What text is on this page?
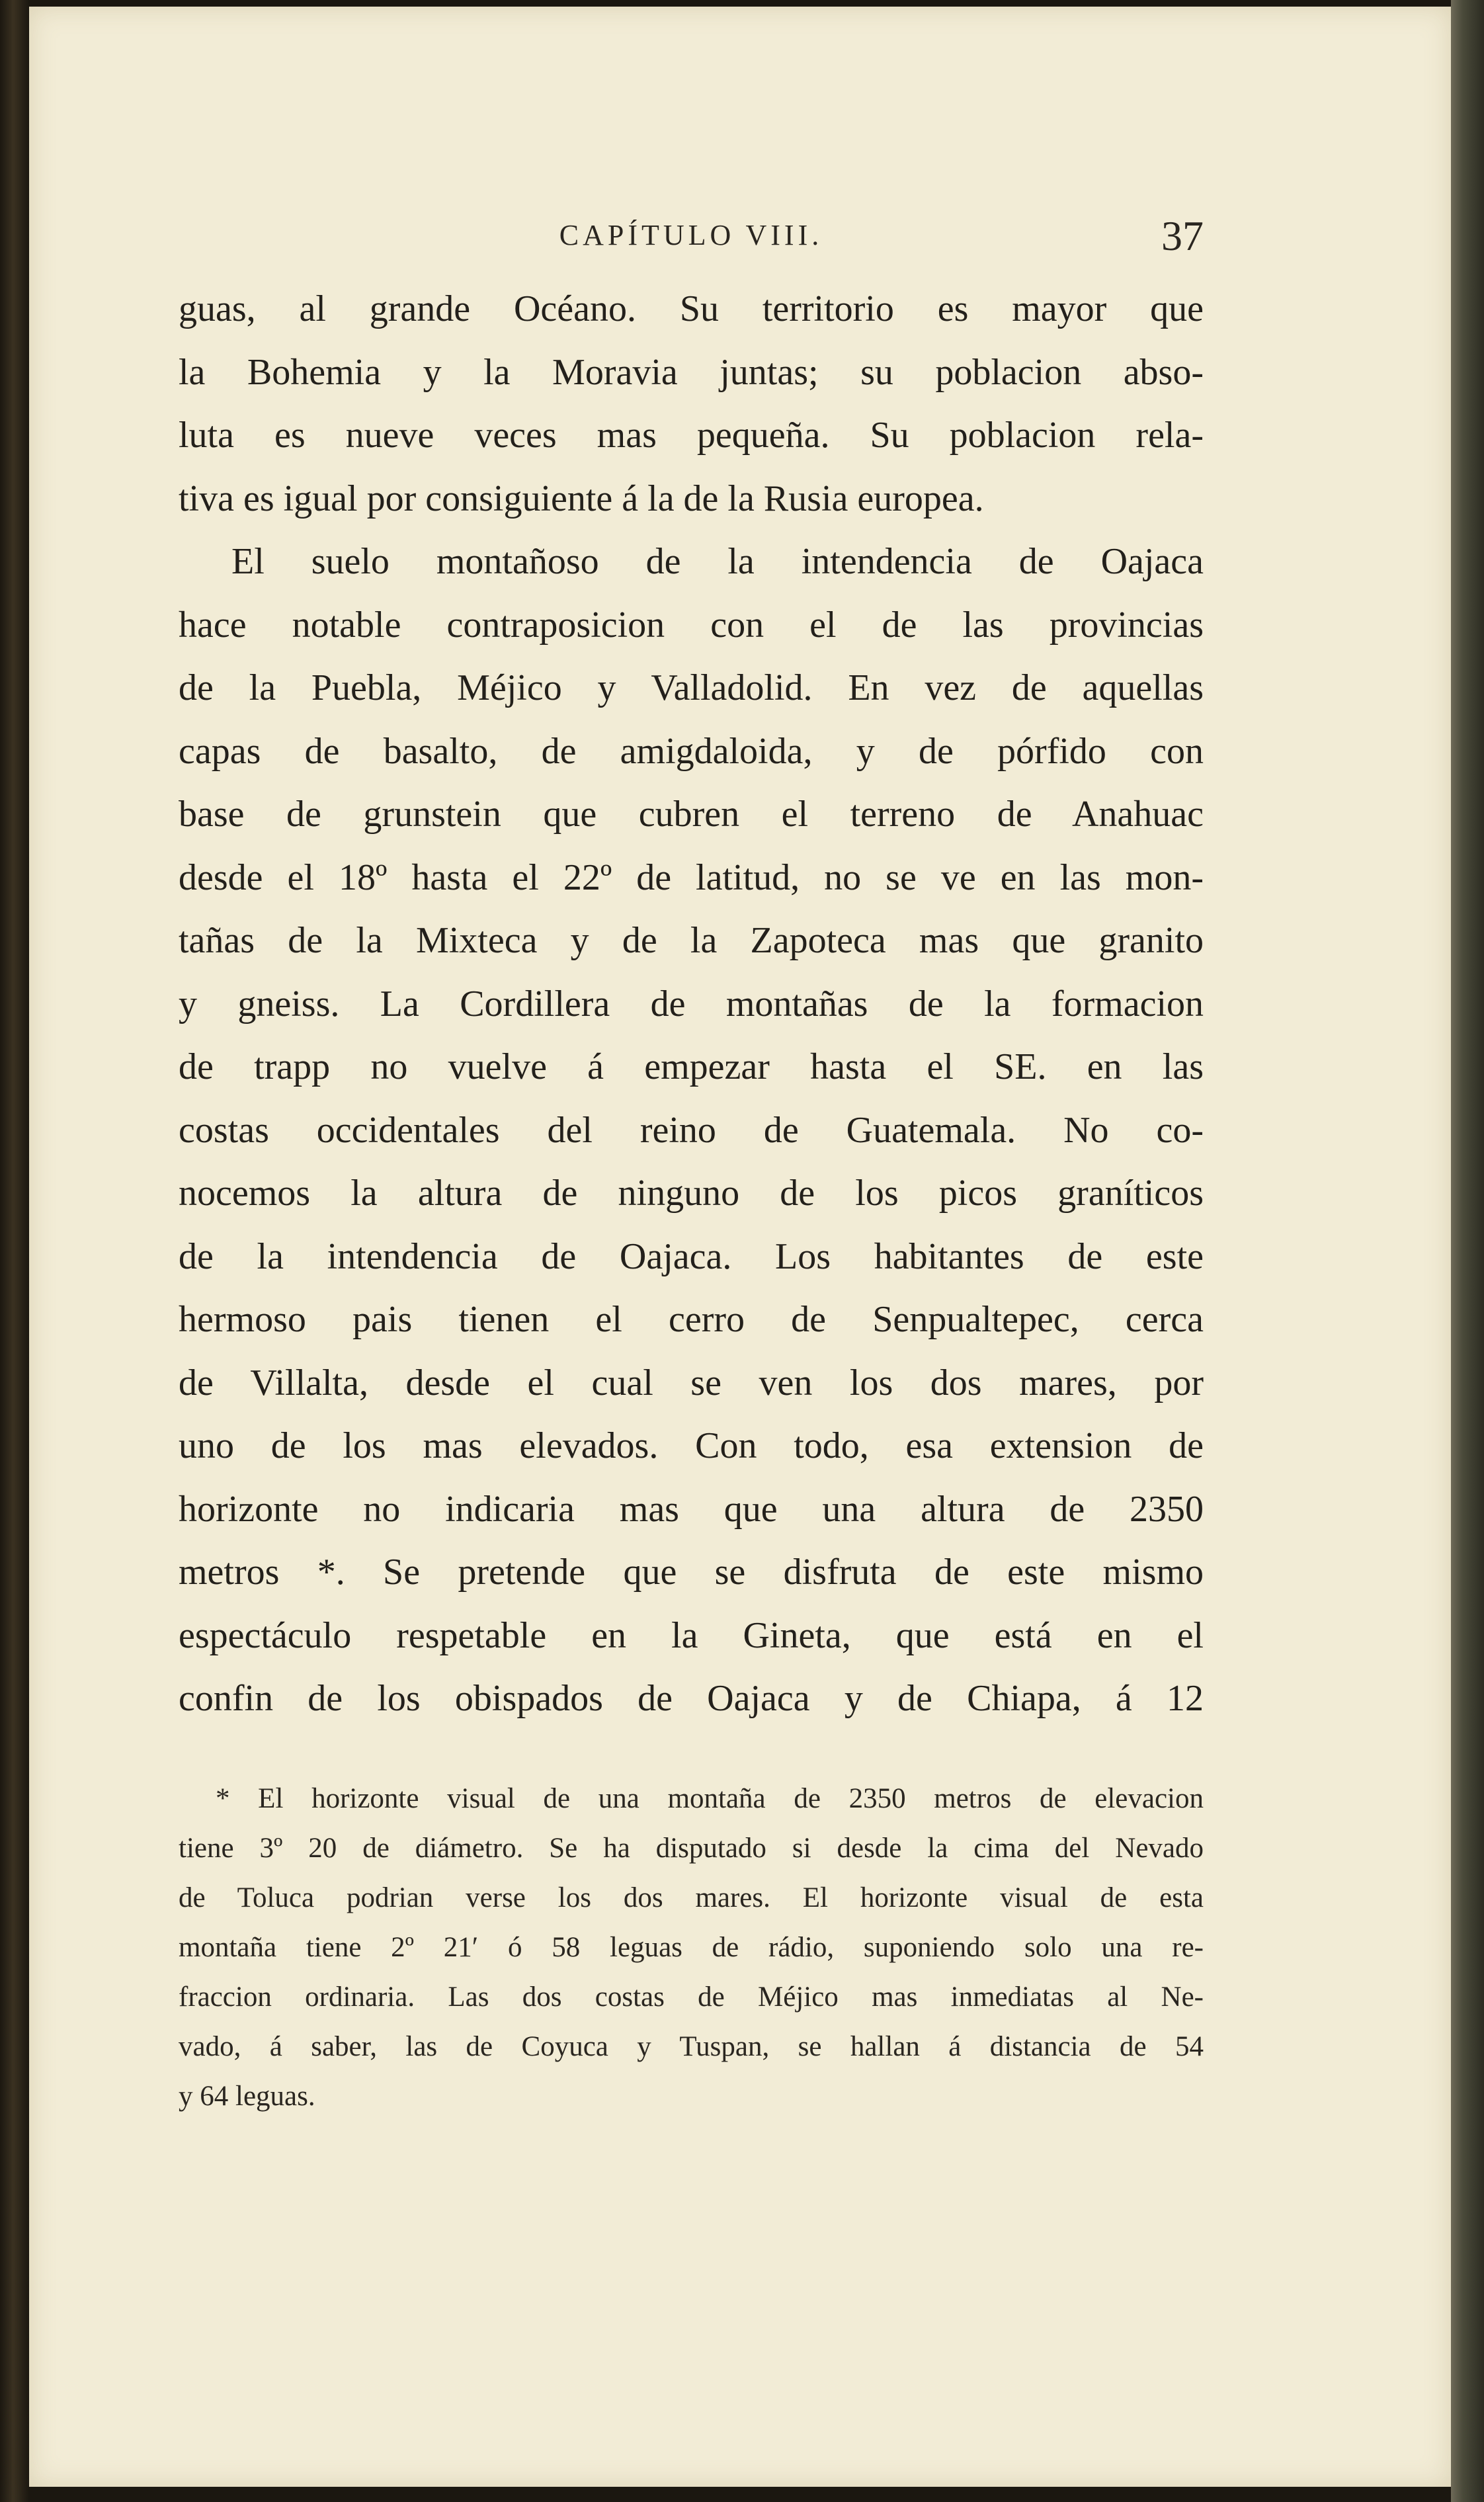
CAPÍTULO VIII.	37
guas, al grande Océano. Su territorio es mayor que
la Bohemia y la Moravia juntas; su poblacion abso-
luta es nueve veces mas pequeña. Su poblacion rela-
tiva es igual por consiguiente á la de la Rusia europea.
El suelo montañoso de la intendencia de Oajaca
hace notable contraposicion con el de las provincias
de la Puebla, Méjico y Valladolid. En vez de aquellas
capas de basalto, de amigdaloida, y de pórfido con
base de grunstein que cubren el terreno de Anahuac
desde el 18º hasta el 22º de latitud, no se ve en las mon-
tañas de la Mixteca y de la Zapoteca mas que granito
y gneiss. La Cordillera de montañas de la formacion
de trapp no vuelve á empezar hasta el SE. en las
costas occidentales del reino de Guatemala. No co-
nocemos la altura de ninguno de los picos graníticos
de la intendencia de Oajaca. Los habitantes de este
hermoso pais tienen el cerro de Senpualtepec, cerca
de Villalta, desde el cual se ven los dos mares, por
uno de los mas elevados. Con todo, esa extension de
horizonte no indicaria mas que una altura de 2350
metros *. Se pretende que se disfruta de este mismo
espectáculo respetable en la Gineta, que está en el
confin de los obispados de Oajaca y de Chiapa, á 12
* El horizonte visual de una montaña de 2350 metros de elevacion
tiene 3º 20 de diámetro. Se ha disputado si desde la cima del Nevado
de Toluca podrian verse los dos mares. El horizonte visual de esta
montaña tiene 2º 21′ ó 58 leguas de rádio, suponiendo solo una re-
fraccion ordinaria. Las dos costas de Méjico mas inmediatas al Ne-
vado, á saber, las de Coyuca y Tuspan, se hallan á distancia de 54
y 64 leguas.
